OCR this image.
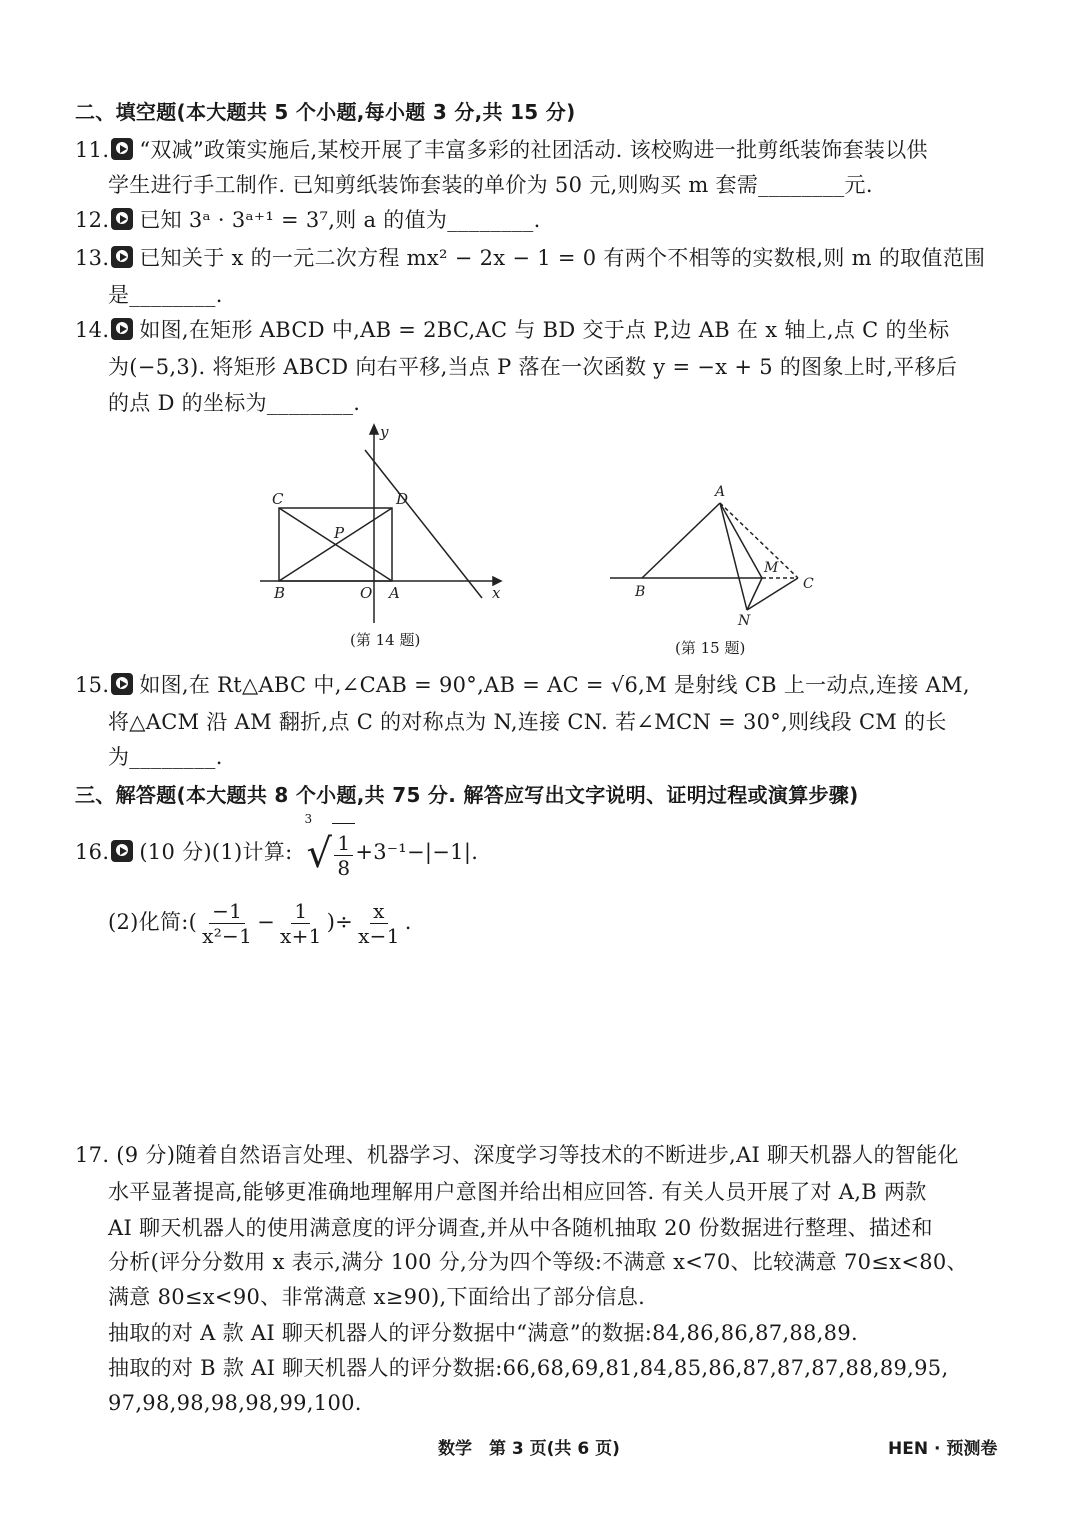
二、填空题(本大题共 5 个小题,每小题 3 分,共 15 分)
11. “双减”政策实施后,某校开展了丰富多彩的社团活动. 该校购进一批剪纸装饰套装以供
学生进行手工制作. 已知剪纸装饰套装的单价为 50 元,则购买 m 套需________元.
12. 已知 3ᵃ · 3ᵃ⁺¹ = 3⁷,则 a 的值为________.
13. 已知关于 x 的一元二次方程 mx² − 2x − 1 = 0 有两个不相等的实数根,则 m 的取值范围
是________.
14. 如图,在矩形 ABCD 中,AB = 2BC,AC 与 BD 交于点 P,边 AB 在 x 轴上,点 C 的坐标
为(−5,3). 将矩形 ABCD 向右平移,当点 P 落在一次函数 y = −x + 5 的图象上时,平移后
的点 D 的坐标为________.
C	D
P
B	O A	x
y
(第 14 题)
A
B
M
C
N
(第 15 题)
15. 如图,在 Rt△ABC 中,∠CAB = 90°,AB = AC = √6,M 是射线 CB 上一动点,连接 AM,
将△ACM 沿 AM 翻折,点 C 的对称点为 N,连接 CN. 若∠MCN = 30°,则线段 CM 的长
为________.
三、解答题(本大题共 8 个小题,共 75 分. 解答应写出文字说明、证明过程或演算步骤)
16. (10 分)(1)计算:
3
√ $\frac{1}{8} +3^{-1}-|-1|$.
(2)化简:( $\frac{-1}{\text{x²−1}} - \frac{1}{x+1}$ )÷ $\frac{x}{x-1}$ .
17. (9 分)随着自然语言处理、机器学习、深度学习等技术的不断进步,AI 聊天机器人的智能化
水平显著提高,能够更准确地理解用户意图并给出相应回答. 有关人员开展了对 A,B 两款
AI 聊天机器人的使用满意度的评分调查,并从中各随机抽取 20 份数据进行整理、描述和
分析(评分分数用 x 表示,满分 100 分,分为四个等级:不满意 x<70、比较满意 70≤x<80、
满意 80≤x<90、非常满意 x≥90),下面给出了部分信息.
抽取的对 A 款 AI 聊天机器人的评分数据中“满意”的数据:84,86,86,87,88,89.
抽取的对 B 款 AI 聊天机器人的评分数据:66,68,69,81,84,85,86,87,87,87,88,89,95,
97,98,98,98,98,99,100.
数学　第 3 页(共 6 页)	HEN · 预测卷
